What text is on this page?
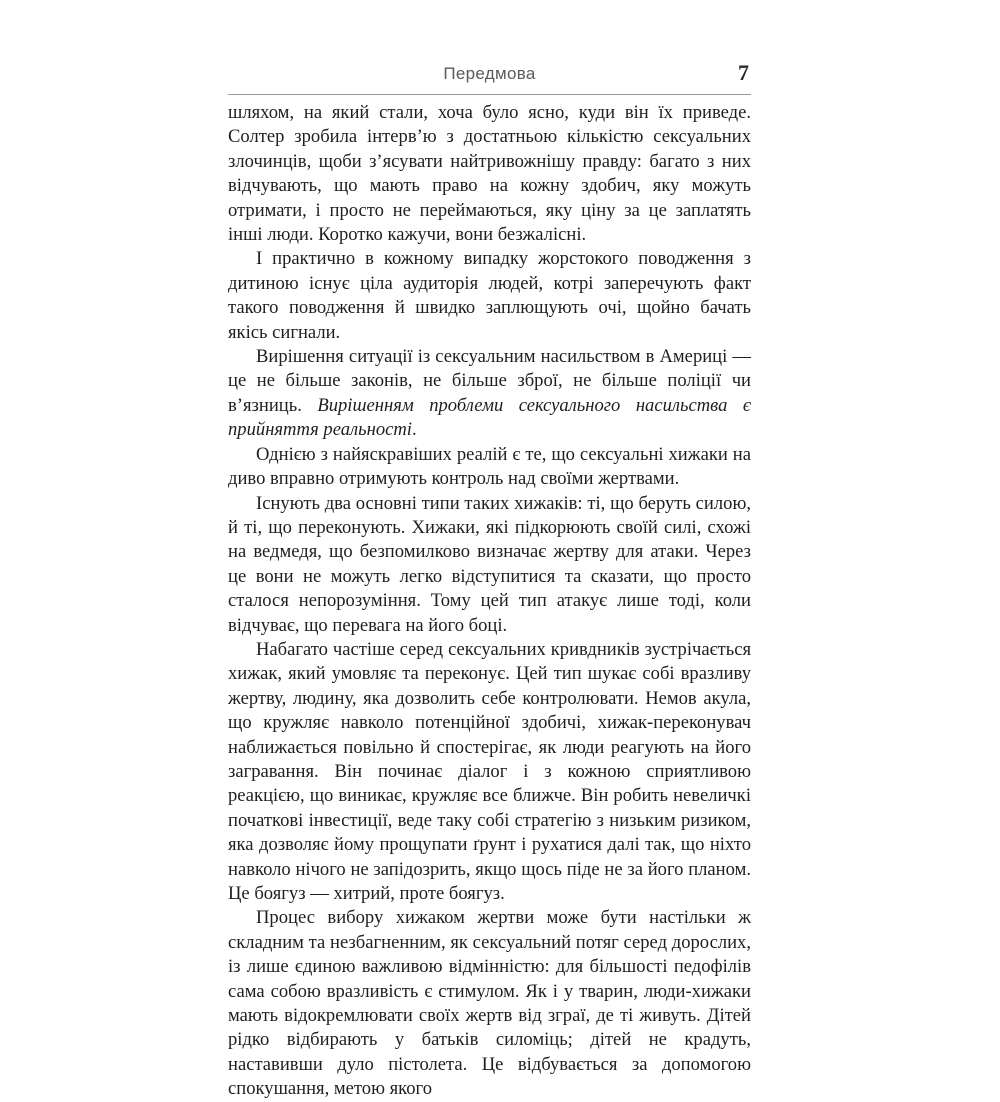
Передмова	7

шляхом, на який стали, хоча було ясно, куди він їх приведе. Солтер зробила інтерв’ю з достатньою кількістю сексуальних злочинців, щоби з’ясувати найтривожнішу правду: багато з них відчувають, що мають право на кожну здобич, яку можуть отримати, і просто не переймаються, яку ціну за це заплатять інші люди. Коротко кажучи, вони безжалісні.

І практично в кожному випадку жорстокого поводження з дитиною існує ціла аудиторія людей, котрі заперечують факт такого поводження й швидко заплющують очі, щойно бачать якісь сигнали.

Вирішення ситуації із сексуальним насильством в Америці — це не більше законів, не більше зброї, не більше поліції чи в’язниць. Вирішенням проблеми сексуального насильства є прийняття реальності.

Однією з найяскравіших реалій є те, що сексуальні хижаки на диво вправно отримують контроль над своїми жертвами.

Існують два основні типи таких хижаків: ті, що беруть силою, й ті, що переконують. Хижаки, які підкорюють своїй силі, схожі на ведмедя, що безпомилково визначає жертву для атаки. Через це вони не можуть легко відступитися та сказати, що просто сталося непорозуміння. Тому цей тип атакує лише тоді, коли відчуває, що перевага на його боці.

Набагато частіше серед сексуальних кривдників зустрічається хижак, який умовляє та переконує. Цей тип шукає собі вразливу жертву, людину, яка дозволить себе контролювати. Немов акула, що кружляє навколо потенційної здобичі, хижак-переконувач наближається повільно й спостерігає, як люди реагують на його загравання. Він починає діалог і з кожною сприятливою реакцією, що виникає, кружляє все ближче. Він робить невеличкі початкові інвестиції, веде таку собі стратегію з низьким ризиком, яка дозволяє йому прощупати ґрунт і рухатися далі так, що ніхто навколо нічого не запідозрить, якщо щось піде не за його планом. Це боягуз — хитрий, проте боягуз.

Процес вибору хижаком жертви може бути настільки ж складним та незбагненним, як сексуальний потяг серед дорослих, із лише єдиною важливою відмінністю: для більшості педофілів сама собою вразливість є стимулом. Як і у тварин, люди-хижаки мають відокремлювати своїх жертв від зграї, де ті живуть. Дітей рідко відбирають у батьків силоміць; дітей не крадуть, наставивши дуло пістолета. Це відбувається за допомогою спокушання, метою якого
